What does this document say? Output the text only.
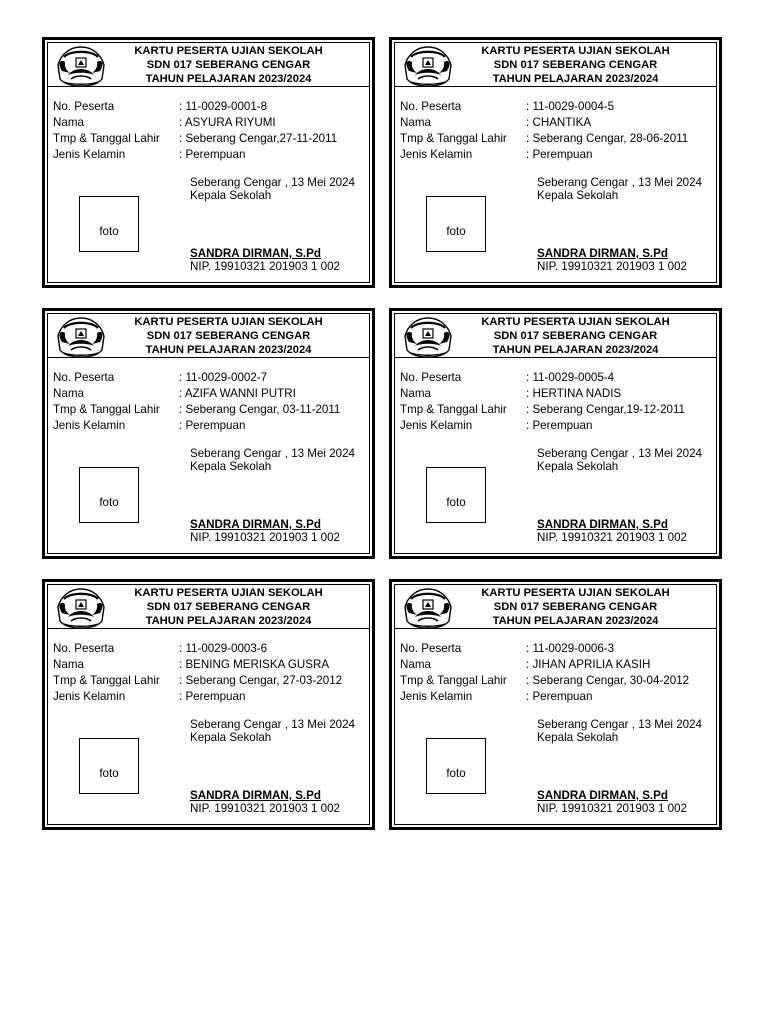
KARTU PESERTA UJIAN SEKOLAH
SDN 017 SEBERANG CENGAR
TAHUN PELAJARAN 2023/2024
No. Peserta	: 11-0029-0001-8
Nama	: ASYURA RIYUMI
Tmp & Tanggal Lahir	: Seberang Cengar,27-11-2011
Jenis Kelamin	: Perempuan
Seberang Cengar , 13 Mei 2024
Kepala Sekolah
foto
SANDRA DIRMAN, S.Pd
NIP. 19910321 201903 1 002
KARTU PESERTA UJIAN SEKOLAH
SDN 017 SEBERANG CENGAR
TAHUN PELAJARAN 2023/2024
No. Peserta	: 11-0029-0004-5
Nama	: CHANTIKA
Tmp & Tanggal Lahir	: Seberang Cengar, 28-06-2011
Jenis Kelamin	: Perempuan
Seberang Cengar , 13 Mei 2024
Kepala Sekolah
foto
SANDRA DIRMAN, S.Pd
NIP. 19910321 201903 1 002
KARTU PESERTA UJIAN SEKOLAH
SDN 017 SEBERANG CENGAR
TAHUN PELAJARAN 2023/2024
No. Peserta	: 11-0029-0002-7
Nama	: AZIFA WANNI PUTRI
Tmp & Tanggal Lahir	: Seberang Cengar, 03-11-2011
Jenis Kelamin	: Perempuan
Seberang Cengar , 13 Mei 2024
Kepala Sekolah
foto
SANDRA DIRMAN, S.Pd
NIP. 19910321 201903 1 002
KARTU PESERTA UJIAN SEKOLAH
SDN 017 SEBERANG CENGAR
TAHUN PELAJARAN 2023/2024
No. Peserta	: 11-0029-0005-4
Nama	: HERTINA NADIS
Tmp & Tanggal Lahir	: Seberang Cengar,19-12-2011
Jenis Kelamin	: Perempuan
Seberang Cengar , 13 Mei 2024
Kepala Sekolah
foto
SANDRA DIRMAN, S.Pd
NIP. 19910321 201903 1 002
KARTU PESERTA UJIAN SEKOLAH
SDN 017 SEBERANG CENGAR
TAHUN PELAJARAN 2023/2024
No. Peserta	: 11-0029-0003-6
Nama	: BENING MERISKA GUSRA
Tmp & Tanggal Lahir	: Seberang Cengar, 27-03-2012
Jenis Kelamin	: Perempuan
Seberang Cengar , 13 Mei 2024
Kepala Sekolah
foto
SANDRA DIRMAN, S.Pd
NIP. 19910321 201903 1 002
KARTU PESERTA UJIAN SEKOLAH
SDN 017 SEBERANG CENGAR
TAHUN PELAJARAN 2023/2024
No. Peserta	: 11-0029-0006-3
Nama	: JIHAN APRILIA KASIH
Tmp & Tanggal Lahir	: Seberang Cengar, 30-04-2012
Jenis Kelamin	: Perempuan
Seberang Cengar , 13 Mei 2024
Kepala Sekolah
foto
SANDRA DIRMAN, S.Pd
NIP. 19910321 201903 1 002
